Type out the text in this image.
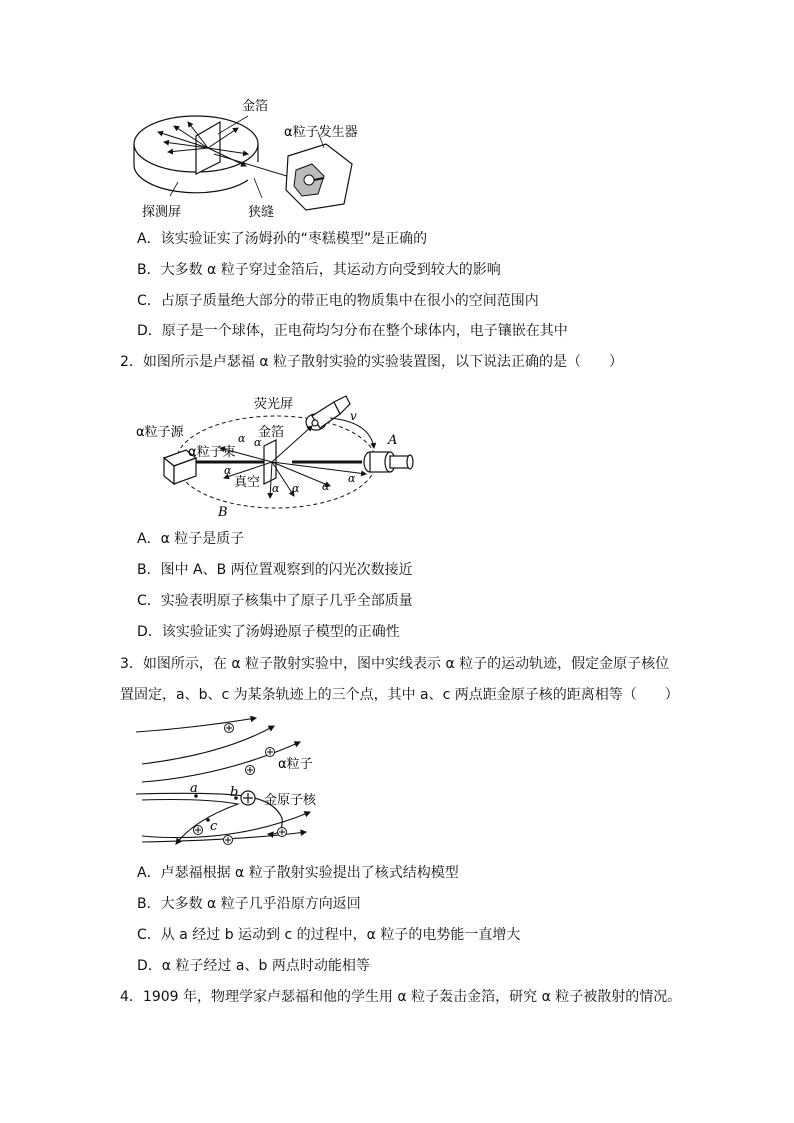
金箔
α粒子发生器
探测屏	狭缝
A．该实验证实了汤姆孙的“枣糕模型”是正确的
B．大多数 α 粒子穿过金箔后，其运动方向受到较大的影响
C．占原子质量绝大部分的带正电的物质集中在很小的空间范围内
D．原子是一个球体，正电荷均匀分布在整个球体内，电子镶嵌在其中
2．如图所示是卢瑟福 α 粒子散射实验的实验装置图，以下说法正确的是（　　）
荧光屏
α粒子源	金箔
α粒子束
真空
A
B
v
α α
α
α α α
α
A．α 粒子是质子
B．图中 A、B 两位置观察到的闪光次数接近
C．实验表明原子核集中了原子几乎全部质量
D．该实验证实了汤姆逊原子模型的正确性
3．如图所示，在 α 粒子散射实验中，图中实线表示 α 粒子的运动轨迹，假定金原子核位
置固定，a、b、c 为某条轨迹上的三个点，其中 a、c 两点距金原子核的距离相等（　　）
a b
c
α粒子
金原子核
A．卢瑟福根据 α 粒子散射实验提出了核式结构模型
B．大多数 α 粒子几乎沿原方向返回
C．从 a 经过 b 运动到 c 的过程中，α 粒子的电势能一直增大
D．α 粒子经过 a、b 两点时动能相等
4．1909 年，物理学家卢瑟福和他的学生用 α 粒子轰击金箔，研究 α 粒子被散射的情况。
